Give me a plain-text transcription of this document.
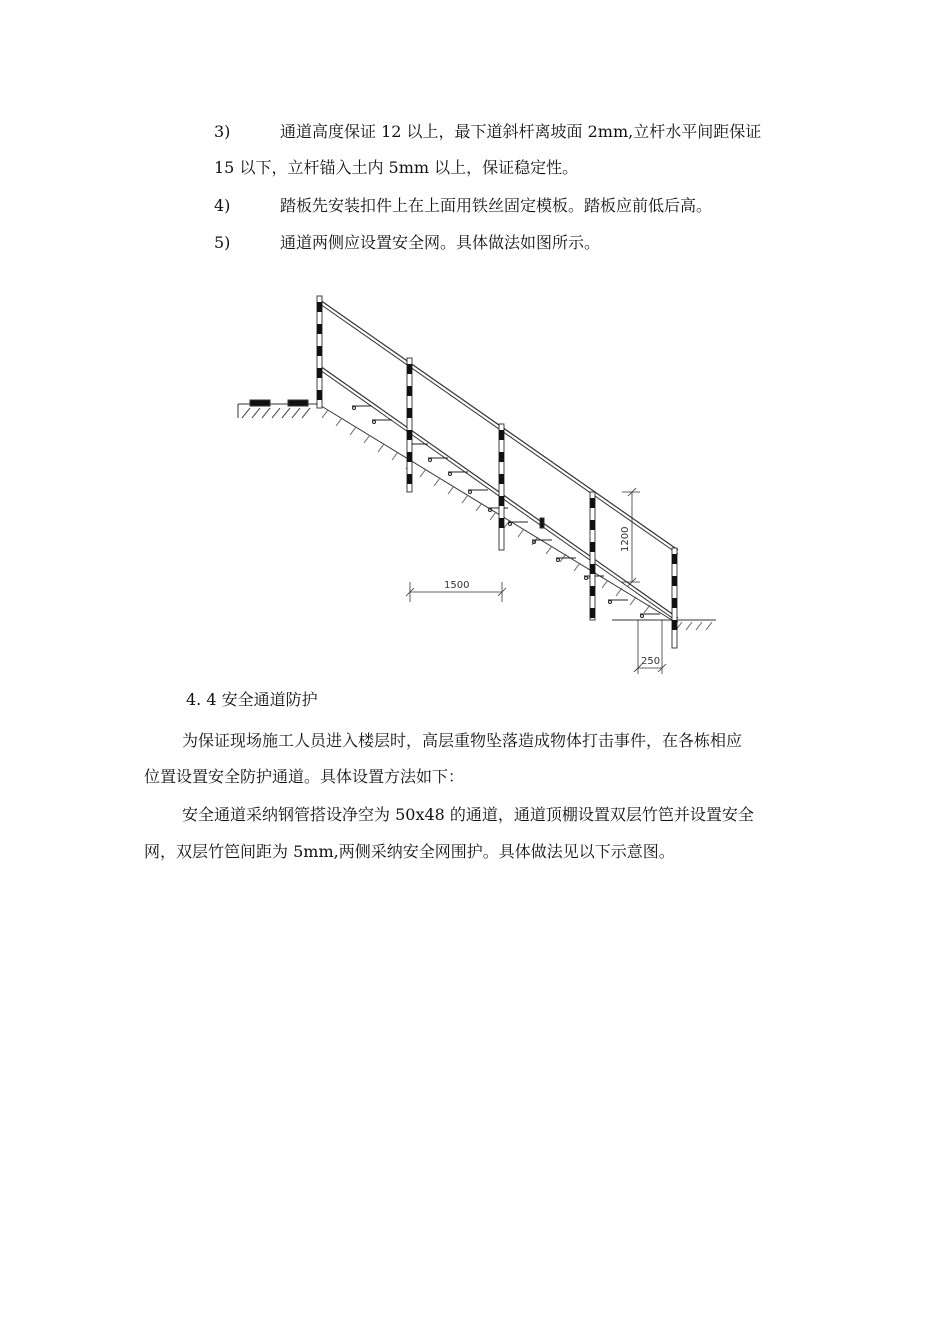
3)	通道高度保证 12 以上，最下道斜杆离坡面 2mm,立杆水平间距保证
15 以下，立杆锚入土内 5mm 以上，保证稳定性。
4)	踏板先安装扣件上在上面用铁丝固定模板。踏板应前低后高。
5)	通道两侧应设置安全网。具体做法如图所示。
1500
1200
250
4. 4 安全通道防护
为保证现场施工人员进入楼层时，高层重物坠落造成物体打击事件，在各栋相应
位置设置安全防护通道。具体设置方法如下：
安全通道采纳钢管搭设净空为 50x48 的通道，通道顶棚设置双层竹笆并设置安全
网，双层竹笆间距为 5mm,两侧采纳安全网围护。具体做法见以下示意图。
